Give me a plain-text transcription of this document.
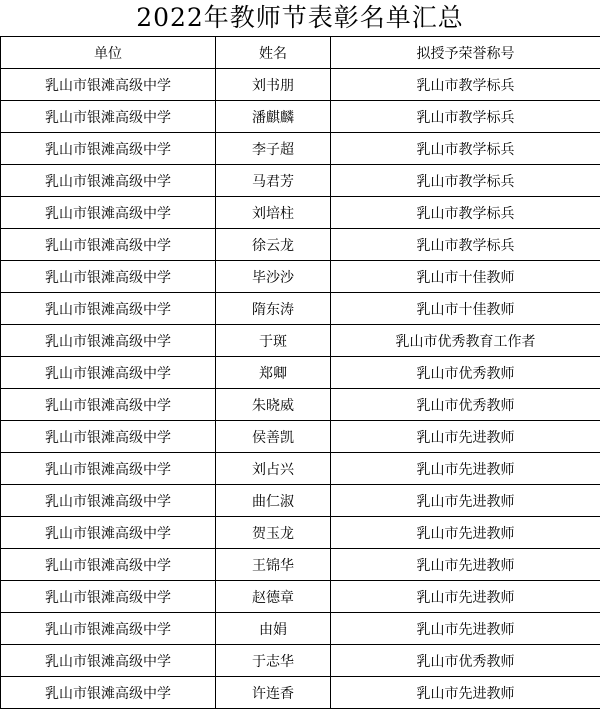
2022年教师节表彰名单汇总
单位	姓名	拟授予荣誉称号
乳山市银滩高级中学	刘书朋	乳山市教学标兵
乳山市银滩高级中学	潘麒麟	乳山市教学标兵
乳山市银滩高级中学	李子超	乳山市教学标兵
乳山市银滩高级中学	马君芳	乳山市教学标兵
乳山市银滩高级中学	刘培柱	乳山市教学标兵
乳山市银滩高级中学	徐云龙	乳山市教学标兵
乳山市银滩高级中学	毕沙沙	乳山市十佳教师
乳山市银滩高级中学	隋东涛	乳山市十佳教师
乳山市银滩高级中学	于斑	乳山市优秀教育工作者
乳山市银滩高级中学	郑卿	乳山市优秀教师
乳山市银滩高级中学	朱晓威	乳山市优秀教师
乳山市银滩高级中学	侯善凯	乳山市先进教师
乳山市银滩高级中学	刘占兴	乳山市先进教师
乳山市银滩高级中学	曲仁淑	乳山市先进教师
乳山市银滩高级中学	贺玉龙	乳山市先进教师
乳山市银滩高级中学	王锦华	乳山市先进教师
乳山市银滩高级中学	赵德章	乳山市先进教师
乳山市银滩高级中学	由娟	乳山市先进教师
乳山市银滩高级中学	于志华	乳山市优秀教师
乳山市银滩高级中学	许连香	乳山市先进教师
